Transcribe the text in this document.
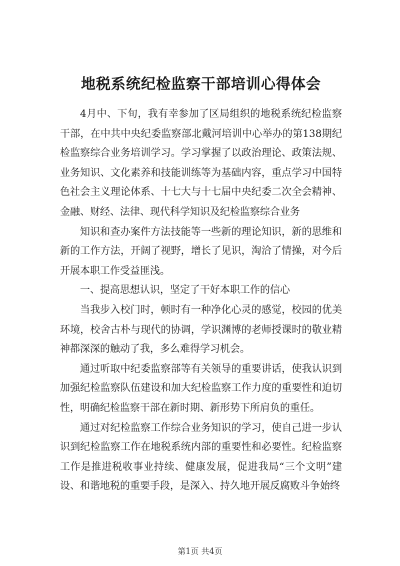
地税系统纪检监察干部培训心得体会

4月中、下旬，我有幸参加了区局组织的地税系统纪检监察干部，在中共中央纪委监察部北戴河培训中心举办的第138期纪检监察综合业务培训学习。学习掌握了以政治理论、政策法规、业务知识、文化素养和技能训练等为基础内容，重点学习中国特色社会主义理论体系、十七大与十七届中央纪委二次全会精神、金融、财经、法律、现代科学知识及纪检监察综合业务

知识和查办案件方法技能等一些新的理论知识，新的思维和新的工作方法，开阔了视野，增长了见识，淘洽了情操，对今后开展本职工作受益匪浅。

一、提高思想认识，坚定了干好本职工作的信心

当我步入校门时，顿时有一种净化心灵的感觉，校园的优美环境，校舍古朴与现代的协调，学识渊博的老师授课时的敬业精神都深深的触动了我，多么难得学习机会。

通过听取中纪委监察部等有关领导的重要讲话，使我认识到加强纪检监察队伍建设和加大纪检监察工作力度的重要性和迫切性，明确纪检监察干部在新时期、新形势下所肩负的重任。

通过对纪检监察工作综合业务知识的学习，使自己进一步认识到纪检监察工作在地税系统内部的重要性和必要性。纪检监察工作是推进税收事业持续、健康发展，促进我局“三个文明”建设、和谐地税的重要手段，是深入、持久地开展反腐败斗争始终

第1页 共4页
